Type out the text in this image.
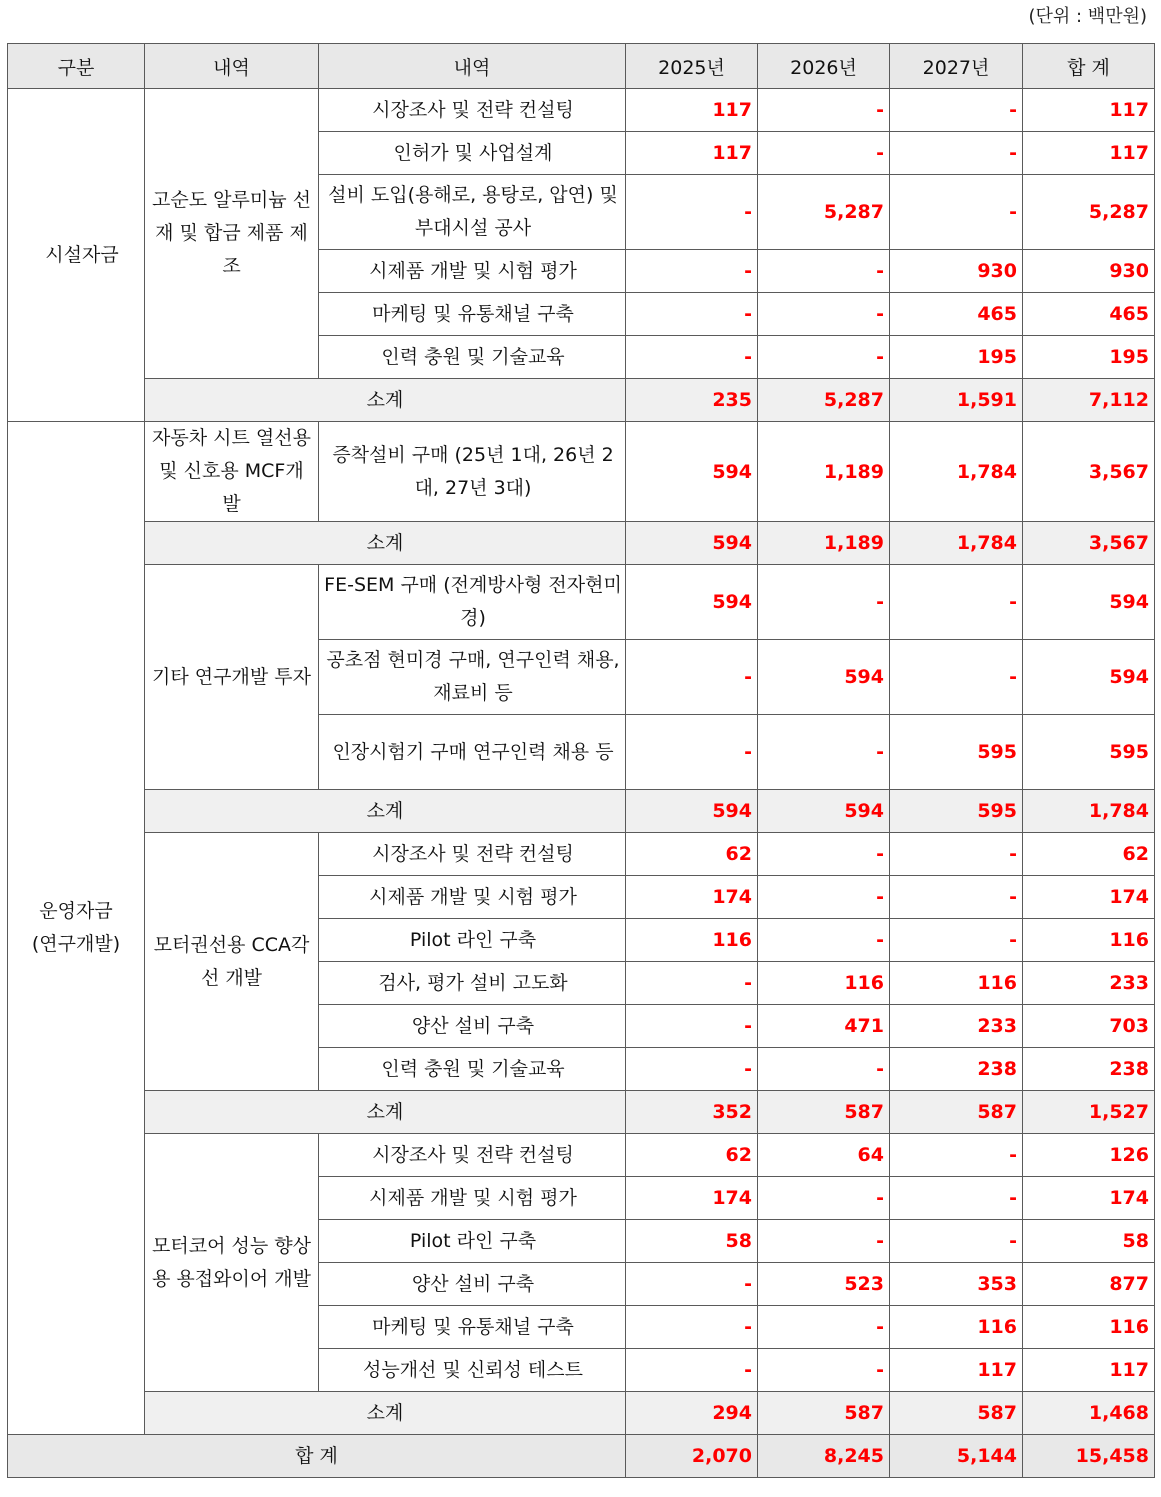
(단위 : 백만원)
구분	내역	내역	2025년	2026년	2027년	합 계

시설자금	고순도 알루미늄 선재 및 합금 제품 제조	시장조사 및 전략 컨설팅	117	-	-	117

		인허가 및 사업설계	117	-	-	117

		설비 도입(용해로, 용탕로, 압연) 및 부대시설 공사	-	5,287	-	5,287

		시제품 개발 및 시험 평가	-	-	930	930

		마케팅 및 유통채널 구축	-	-	465	465

		인력 충원 및 기술교육	-	-	195	195
	소계		235	5,287	1,591	7,112

운영자금 (연구개발)	자동차 시트 열선용 및 신호용 MCF개발	증착설비 구매 (25년 1대, 26년 2대, 27년 3대)	594	1,189	1,784	3,567
	소계		594	1,189	1,784	3,567

	기타 연구개발 투자	FE-SEM 구매 (전계방사형 전자현미경)	594	-	-	594

		공초점 현미경 구매, 연구인력 채용, 재료비 등	-	594	-	594

		인장시험기 구매 연구인력 채용 등	-	-	595	595
	소계		594	594	595	1,784

	모터권선용 CCA각선 개발	시장조사 및 전략 컨설팅	62	-	-	62

		시제품 개발 및 시험 평가	174	-	-	174

		Pilot 라인 구축	116	-	-	116

		검사, 평가 설비 고도화	-	116	116	233

		양산 설비 구축	-	471	233	703

		인력 충원 및 기술교육	-	-	238	238
	소계		352	587	587	1,527

	모터코어 성능 향상용 용접와이어 개발	시장조사 및 전략 컨설팅	62	64	-	126

		시제품 개발 및 시험 평가	174	-	-	174

		Pilot 라인 구축	58	-	-	58

		양산 설비 구축	-	523	353	877

		마케팅 및 유통채널 구축	-	-	116	116

		성능개선 및 신뢰성 테스트	-	-	117	117
	소계		294	587	587	1,468
합 계			2,070	8,245	5,144	15,458
